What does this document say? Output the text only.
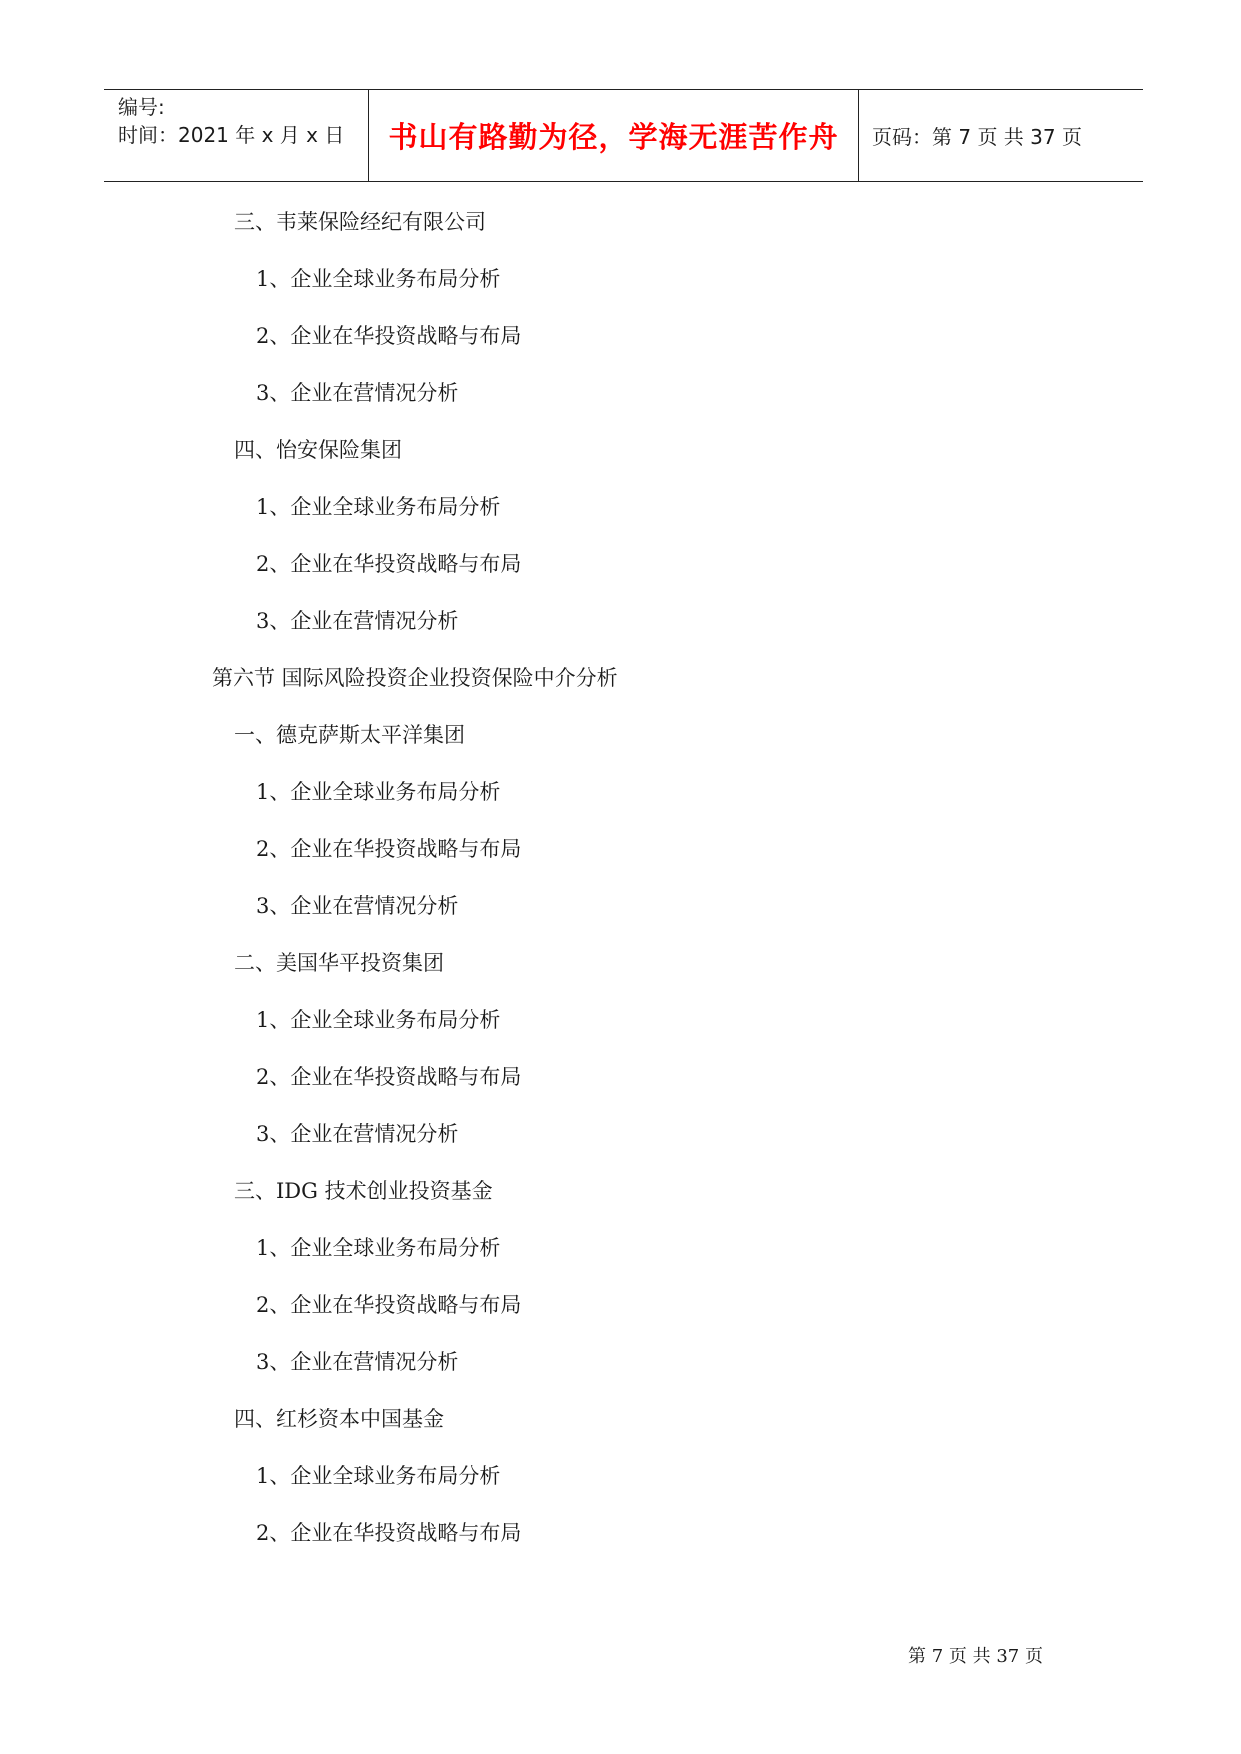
编号:
时间：2021 年 x 月 x 日	书山有路勤为径，学海无涯苦作舟 页码：第 7 页 共 37 页
三、韦莱保险经纪有限公司
1、企业全球业务布局分析
2、企业在华投资战略与布局
3、企业在营情况分析
四、怡安保险集团
1、企业全球业务布局分析
2、企业在华投资战略与布局
3、企业在营情况分析
第六节 国际风险投资企业投资保险中介分析
一、德克萨斯太平洋集团
1、企业全球业务布局分析
2、企业在华投资战略与布局
3、企业在营情况分析
二、美国华平投资集团
1、企业全球业务布局分析
2、企业在华投资战略与布局
3、企业在营情况分析
三、IDG 技术创业投资基金
1、企业全球业务布局分析
2、企业在华投资战略与布局
3、企业在营情况分析
四、红杉资本中国基金
1、企业全球业务布局分析
2、企业在华投资战略与布局
第 7 页 共 37 页
